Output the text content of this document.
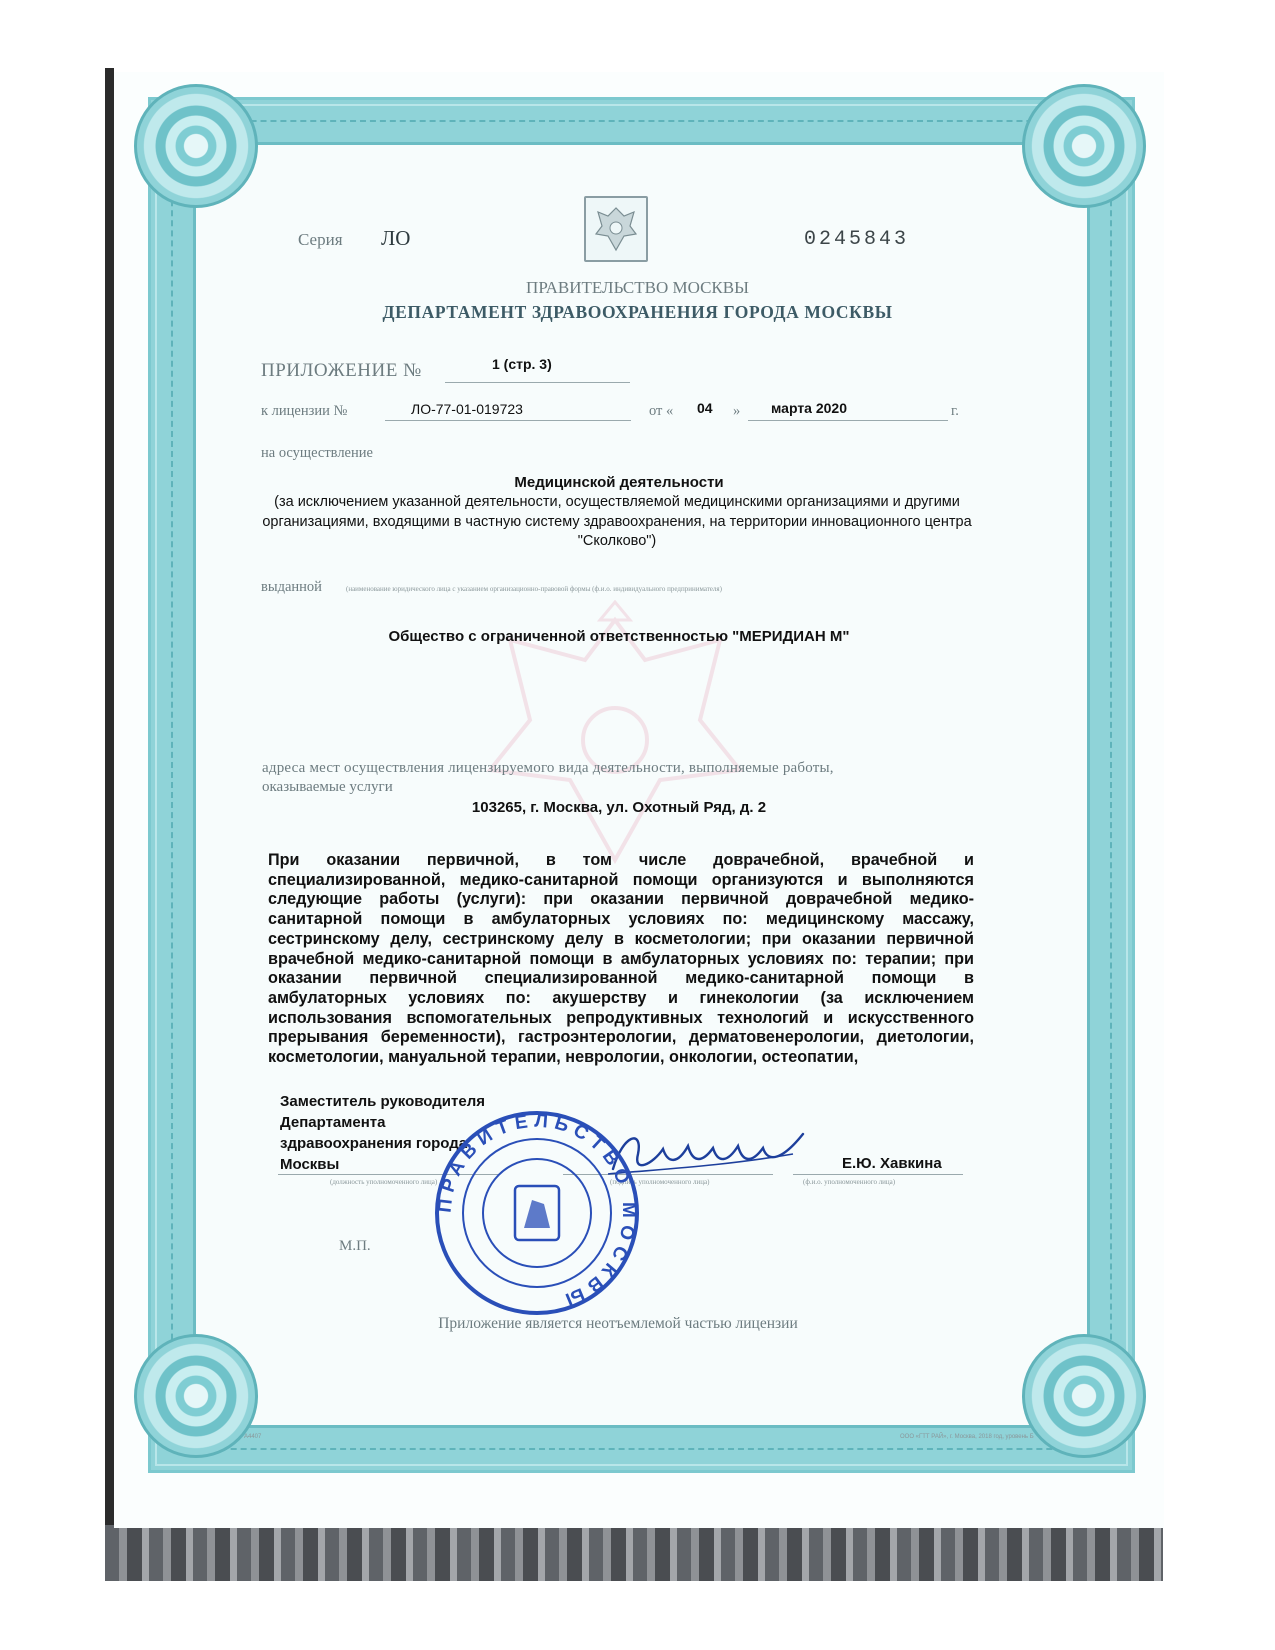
Серия ЛО	0245843
ПРАВИТЕЛЬСТВО МОСКВЫ
ДЕПАРТАМЕНТ ЗДРАВООХРАНЕНИЯ ГОРОДА МОСКВЫ
ПРИЛОЖЕНИЕ №	1 (стр. 3)
к лицензии №	ЛО-77-01-019723	от « 04 » марта 2020	г.
на осуществление
Медицинской деятельности
(за исключением указанной деятельности, осуществляемой медицинскими организациями и другими организациями, входящими в частную систему здравоохранения, на территории инновационного центра "Сколково")
выданной	(наименование юридического лица с указанием организационно-правовой формы (ф.и.о. индивидуального предпринимателя)
Общество с ограниченной ответственностью "МЕРИДИАН М"
адреса мест осуществления лицензируемого вида деятельности, выполняемые работы,
оказываемые услуги
103265, г. Москва, ул. Охотный Ряд, д. 2
При оказании первичной, в том числе доврачебной, врачебной и специализированной, медико-санитарной помощи организуются и выполняются следующие работы (услуги): при оказании первичной доврачебной медико-санитарной помощи в амбулаторных условиях по: медицинскому массажу, сестринскому делу, сестринскому делу в косметологии; при оказании первичной врачебной медико-санитарной помощи в амбулаторных условиях по: терапии; при оказании первичной специализированной медико-санитарной помощи в амбулаторных условиях по: акушерству и гинекологии (за исключением использования вспомогательных репродуктивных технологий и искусственного прерывания беременности), гастроэнтерологии, дерматовенерологии, диетологии, косметологии, мануальной терапии, неврологии, онкологии, остеопатии,
Заместитель руководителя
Департамента
здравоохранения города
Москвы	Е.Ю. Хавкина
(должность уполномоченного лица)	(подпись уполномоченного лица)	(ф.и.о. уполномоченного лица)
ПРАВИТЕЛЬСТВО МОСКВЫ
М.П.
Приложение является неотъемлемой частью лицензии
А4407	ООО «ГТТ РАЙ», г. Москва, 2018 год, уровень Б
